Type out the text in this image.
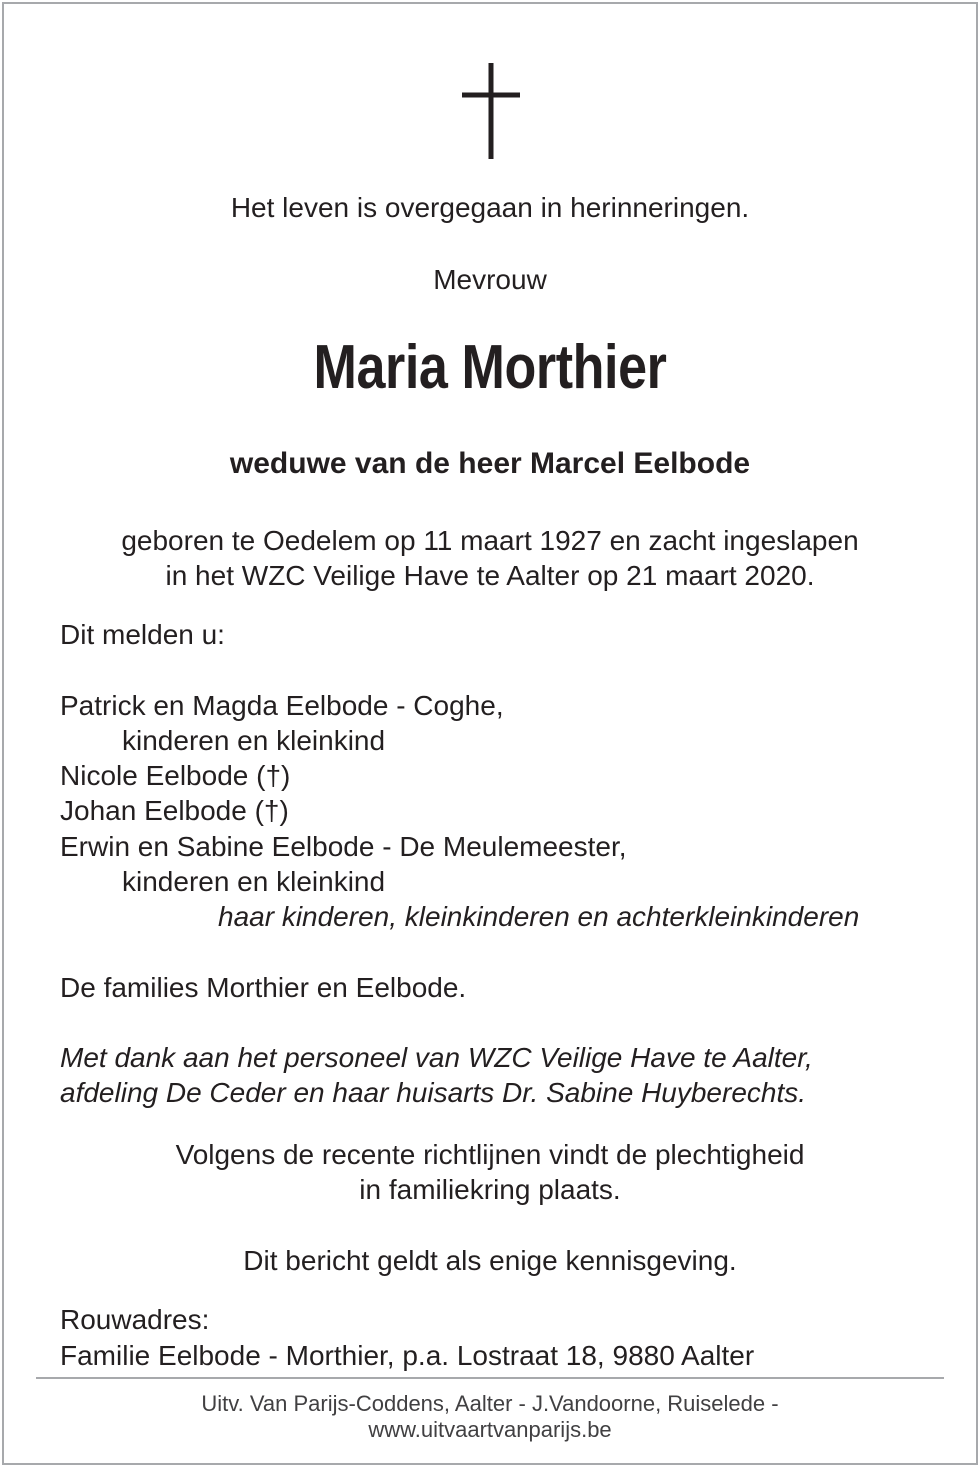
Het leven is overgegaan in herinneringen.
Mevrouw
Maria Morthier
weduwe van de heer Marcel Eelbode
geboren te Oedelem op 11 maart 1927 en zacht ingeslapen
in het WZC Veilige Have te Aalter op 21 maart 2020.
Dit melden u:
Patrick en Magda Eelbode - Coghe,
kinderen en kleinkind
Nicole Eelbode (†)
Johan Eelbode (†)
Erwin en Sabine Eelbode - De Meulemeester,
kinderen en kleinkind
haar kinderen, kleinkinderen en achterkleinkinderen
De families Morthier en Eelbode.
Met dank aan het personeel van WZC Veilige Have te Aalter,
afdeling De Ceder en haar huisarts Dr. Sabine Huyberechts.
Volgens de recente richtlijnen vindt de plechtigheid
in familiekring plaats.
Dit bericht geldt als enige kennisgeving.
Rouwadres:
Familie Eelbode - Morthier, p.a. Lostraat 18, 9880 Aalter
Uitv. Van Parijs-Coddens, Aalter - J.Vandoorne, Ruiselede -
www.uitvaartvanparijs.be
